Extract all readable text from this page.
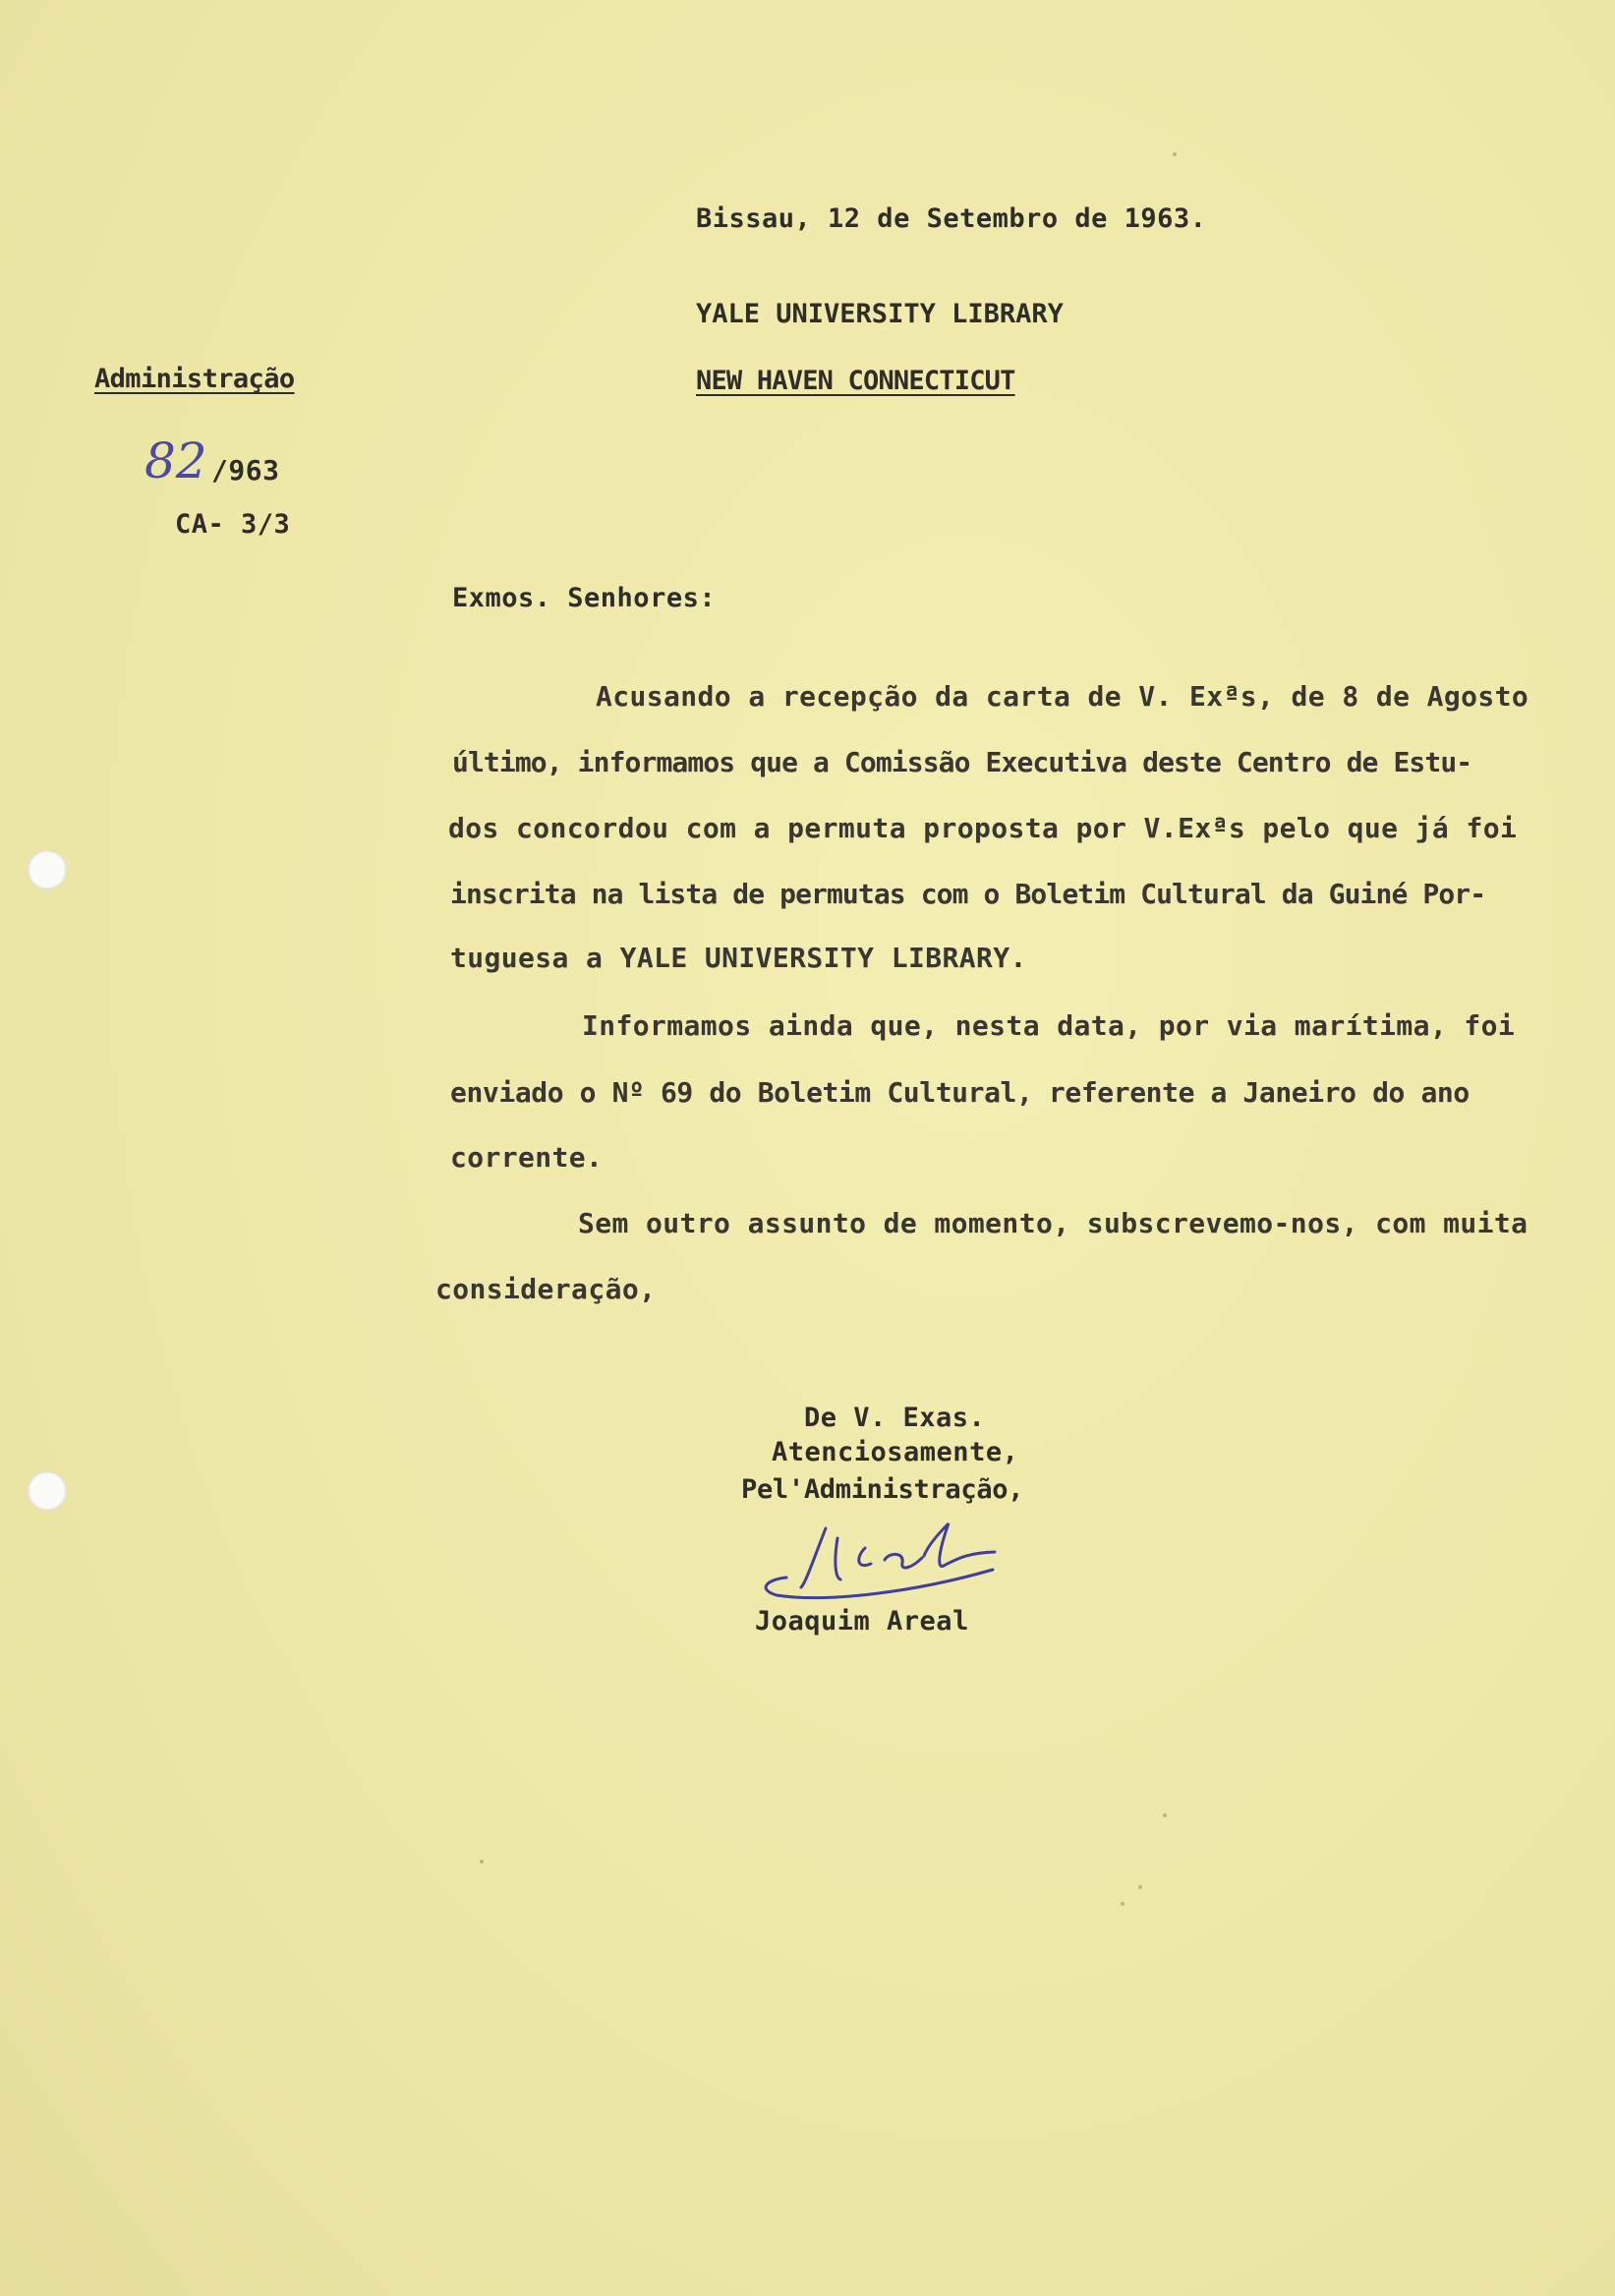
Bissau, 12 de Setembro de 1963.
YALE UNIVERSITY LIBRARY
NEW HAVEN CONNECTICUT
Administração
82 /963
CA- 3/3
Exmos. Senhores:
Acusando a recepção da carta de V. Exªs, de 8 de Agosto
último, informamos que a Comissão Executiva deste Centro de Estu-
dos concordou com a permuta proposta por V.Exªs pelo que já foi
inscrita na lista de permutas com o Boletim Cultural da Guiné Por-
tuguesa a YALE UNIVERSITY LIBRARY.
Informamos ainda que, nesta data, por via marítima, foi
enviado o Nº 69 do Boletim Cultural, referente a Janeiro do ano
corrente.
Sem outro assunto de momento, subscrevemo-nos, com muita
consideração,
De V. Exas.
Atenciosamente,
Pel'Administração,
Joaquim Areal
